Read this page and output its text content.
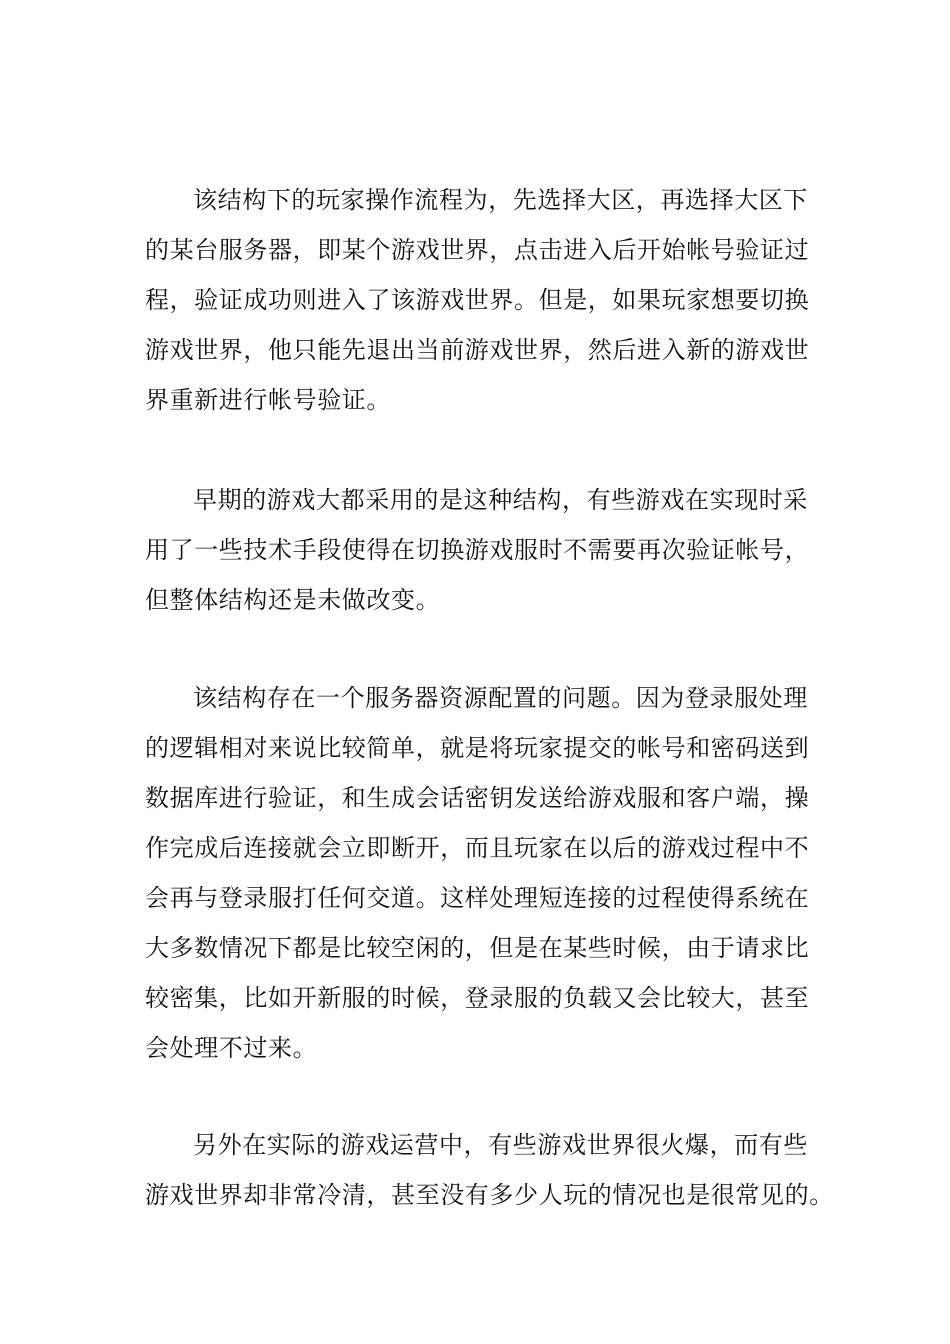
该结构下的玩家操作流程为，先选择大区，再选择大区下
的某台服务器，即某个游戏世界，点击进入后开始帐号验证过
程，验证成功则进入了该游戏世界。但是，如果玩家想要切换
游戏世界，他只能先退出当前游戏世界，然后进入新的游戏世
界重新进行帐号验证。
早期的游戏大都采用的是这种结构，有些游戏在实现时采
用了一些技术手段使得在切换游戏服时不需要再次验证帐号，
但整体结构还是未做改变。
该结构存在一个服务器资源配置的问题。因为登录服处理
的逻辑相对来说比较简单，就是将玩家提交的帐号和密码送到
数据库进行验证，和生成会话密钥发送给游戏服和客户端，操
作完成后连接就会立即断开，而且玩家在以后的游戏过程中不
会再与登录服打任何交道。这样处理短连接的过程使得系统在
大多数情况下都是比较空闲的，但是在某些时候，由于请求比
较密集，比如开新服的时候，登录服的负载又会比较大，甚至
会处理不过来。
另外在实际的游戏运营中，有些游戏世界很火爆，而有些
游戏世界却非常冷清，甚至没有多少人玩的情况也是很常见的。
